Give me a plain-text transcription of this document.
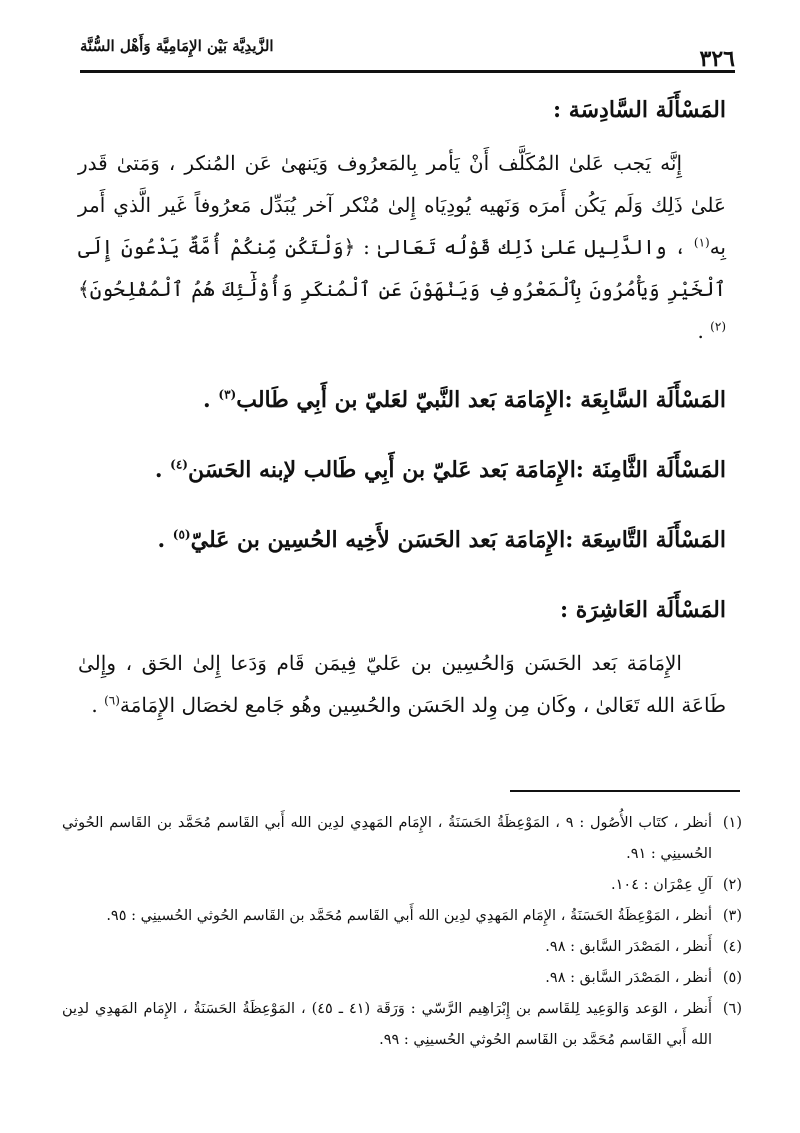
٣٢٦
الزَّيدِيَّة بَيْن الإِمَامِيَّة وَأَهْل السُّنَّة

المَسْأَلَة السَّادِسَة :

إِنَّه يَجب عَلىٰ المُكَلَّف أَنْ يَأمر بِالمَعرُوف وَيَنهىٰ عَن المُنكر ، وَمَتىٰ قَدر عَلىٰ ذَلِك وَلَم يَكُن أَمرَه وَنَهيه يُودِيَاه إِلىٰ مُنْكر آخر يُبَدِّل مَعرُوفاً غَير الَّذي أَمر بِه$^{(١)}$ ، والدَّلِيل عَلىٰ ذَلِك قَوْلُه تَعَالىٰ : ﴿وَلْتَكُن مِّنكُمْ أُمَّةٌ يَدْعُونَ إِلَى ٱلْخَيْرِ وَيَأْمُرُونَ بِٱلْمَعْرُوفِ وَيَنْهَوْنَ عَنِ ٱلْمُنكَرِ وَأُوْلَٰٓئِكَ هُمُ ٱلْمُفْلِحُونَ﴾$^{(٢)}$ .

المَسْأَلَة السَّابِعَة :الإِمَامَة بَعد النَّبيّ لعَليّ بن أَبِي طَالب$^{(٣)}$ .

المَسْأَلَة الثَّامِنَة :الإِمَامَة بَعد عَليّ بن أَبِي طَالب لإبنه الحَسَن$^{(٤)}$ .

المَسْأَلَة التَّاسِعَة :الإِمَامَة بَعد الحَسَن لأَخِيه الحُسِين بن عَليّ$^{(٥)}$ .

المَسْأَلَة العَاشِرَة :

الإِمَامَة بَعد الحَسَن وَالحُسِين بن عَليّ فِيمَن قَام وَدَعا إِلىٰ الحَق ، وإِلىٰ طَاعَة الله تَعَالىٰ ، وكَان مِن وِلد الحَسَن والحُسِين وهُو جَامع لخصَال الإِمَامَة$^{(٦)}$ .

(١)
أنظر ، كتَاب الأُصُول : ٩ ، المَوْعِظَةُ الحَسَنَةُ ، الإِمَام المَهدِي لدِين الله أَبي القَاسم مُحَمَّد بن القَاسم الحُوثي الحُسينِي : ٩١.
(٢)
آلِ عِمْرَان : ١٠٤.
(٣)
أنظر ، المَوْعِظَةُ الحَسَنَةُ ، الإِمَام المَهدِي لدِين الله أَبي القَاسم مُحَمَّد بن القَاسم الحُوثي الحُسينِي : ٩٥.
(٤)
أَنظر ، المَصْدَر السَّابق : ٩٨.
(٥)
أنظر ، المَصْدَر السَّابق : ٩٨.
(٦)
أَنظر ، الوَعد وَالوَعِيد لِلقَاسم بن إِبْرَاهِيم الرَّسّي : وَرَقَة (٤١ ـ ٤٥) ، المَوْعِظَةُ الحَسَنَةُ ، الإِمَام المَهدِي لدِين الله أَبي القَاسم مُحَمَّد بن القَاسم الحُوثي الحُسينِي : ٩٩.
